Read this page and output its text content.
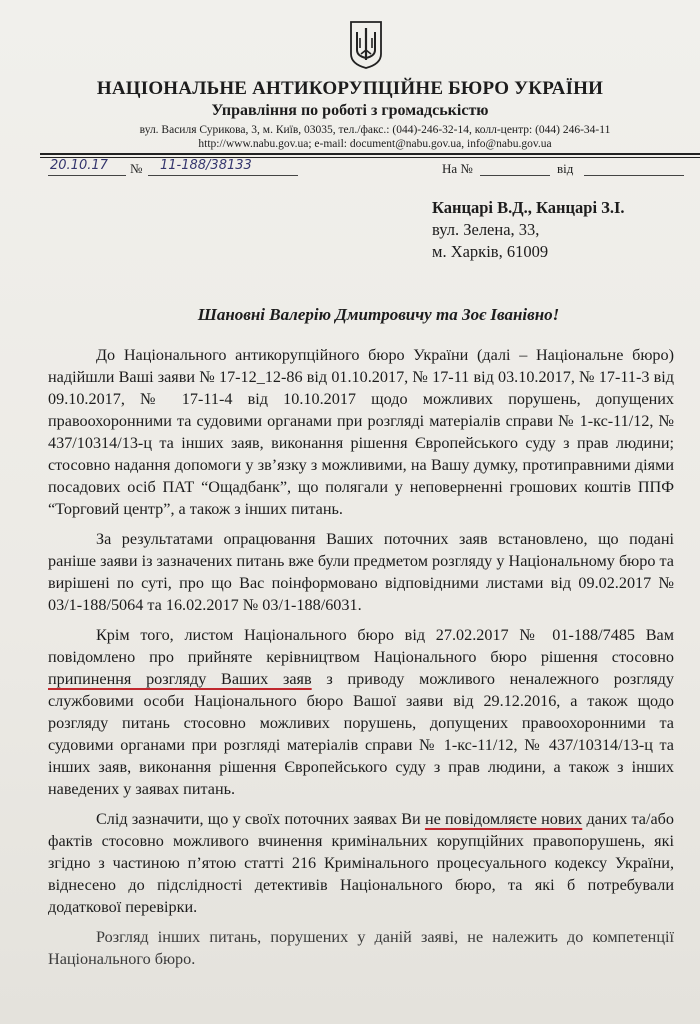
НАЦІОНАЛЬНЕ АНТИКОРУПЦІЙНЕ БЮРО УКРАЇНИ
Управління по роботі з громадськістю
вул. Василя Сурикова, 3, м. Київ, 03035, тел./факс.: (044)-246-32-14, колл-центр: (044) 246-34-11
http://www.nabu.gov.ua; e-mail: document@nabu.gov.ua, info@nabu.gov.ua
20.10.17 № 11-188/38133	На №	від
Канцарі В.Д., Канцарі З.І.
вул. Зелена, 33,
м. Харків, 61009
Шановні Валерію Дмитровичу та Зоє Іванівно!

До Національного антикорупційного бюро України (далі – Національне бюро) надійшли Ваші заяви № 17-12_12-86 від 01.10.2017, № 17-11 від 03.10.2017, № 17-11-3 від 09.10.2017, № 17-11-4 від 10.10.2017 щодо можливих порушень, допущених правоохоронними та судовими органами при розгляді матеріалів справи № 1-кс-11/12, № 437/10314/13-ц та інших заяв, виконання рішення Європейського суду з прав людини; стосовно надання допомоги у зв’язку з можливими, на Вашу думку, протиправними діями посадових осіб ПАТ “Ощадбанк”, що полягали у неповерненні грошових коштів ППФ “Торговий центр”, а також з інших питань.

За результатами опрацювання Ваших поточних заяв встановлено, що подані раніше заяви із зазначених питань вже були предметом розгляду у Національному бюро та вирішені по суті, про що Вас поінформовано відповідними листами від 09.02.2017 № 03/1-188/5064 та 16.02.2017 № 03/1-188/6031.

Крім того, листом Національного бюро від 27.02.2017 № 01-188/7485 Вам повідомлено про прийняте керівництвом Національного бюро рішення стосовно припинення розгляду Ваших заяв з приводу можливого неналежного розгляду службовими особи Національного бюро Вашої заяви від 29.12.2016, а також щодо розгляду питань стосовно можливих порушень, допущених правоохоронними та судовими органами при розгляді матеріалів справи № 1-кс-11/12, № 437/10314/13-ц та інших заяв, виконання рішення Європейського суду з прав людини, а також з інших наведених у заявах питань.

Слід зазначити, що у своїх поточних заявах Ви не повідомляєте нових даних та/або фактів стосовно можливого вчинення кримінальних корупційних правопорушень, які згідно з частиною п’ятою статті 216 Кримінального процесуального кодексу України, віднесено до підслідності детективів Національного бюро, та які б потребували додаткової перевірки.

Розгляд інших питань, порушених у даній заяві, не належить до компетенції Національного бюро.
